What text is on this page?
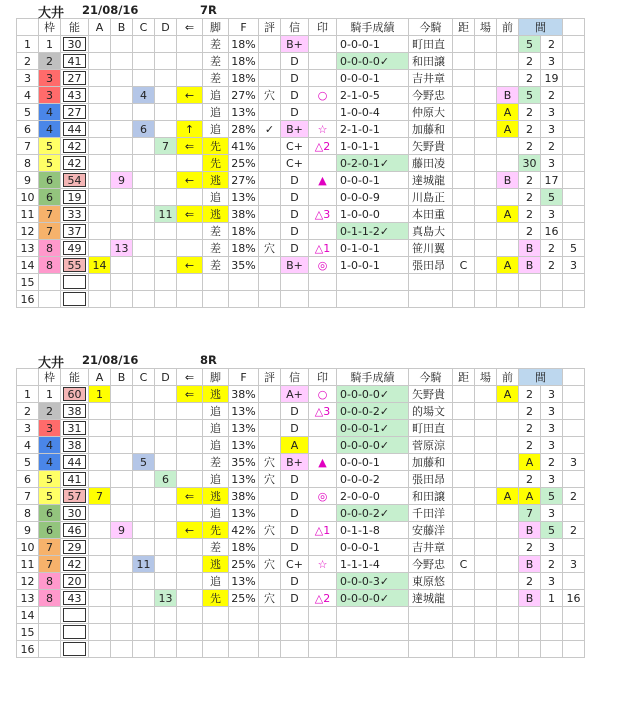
大井 21/08/16	7R
	枠	能	A	B	C	D	⇐	脚	F	評	信	印	騎手成績	今騎	距	場	前	間		
1	1	30						差	18%		B+		0-0-0-1	町田直				5	2	
2	2	41						差	18%		D		0-0-0-0✓	和田譲				2	3	
3	3	27						差	18%		D		0-0-0-1	吉井章				2	19	
4	3	43			4		←	追	27%	穴	D	○	2-1-0-5	今野忠			B	5	2	
5	4	27						追	13%		D		1-0-0-4	仲原大			A	2	3	
6	4	44			6		↑	追	28%	✓	B+	☆	2-1-0-1	加藤和			A	2	3	
7	5	42				7	⇐	先	41%		C+	△2	1-0-1-1	矢野貴				2	2	
8	5	42						先	25%		C+		0-2-0-1✓	藤田凌				30	3	
9	6	54		9			←	逃	27%		D	▲	0-0-0-1	達城龍			B	2	17	
10	6	19						追	13%		D		0-0-0-9	川島正				2	5	
11	7	33				11	⇐	逃	38%		D	△3	1-0-0-0	本田重			A	2	3	
12	7	37						差	18%		D		0-1-1-2✓	真島大				2	16	
13	8	49		13				差	18%	穴	D	△1	0-1-0-1	笹川翼				B	2	5
14	8	55	14				←	差	35%		B+	◎	1-0-0-1	張田昂	C		A	B	2	3
15		

16		

大井 21/08/16	8R
	枠	能	A	B	C	D	⇐	脚	F	評	信	印	騎手成績	今騎	距	場	前	間		
1	1	60	1				⇐	逃	38%		A+	○	0-0-0-0✓	矢野貴			A	2	3	
2	2	38						追	13%		D	△3	0-0-0-2✓	的場文				2	3	
3	3	31						追	13%		D		0-0-0-1✓	町田直				2	3	
4	4	38						追	13%		A		0-0-0-0✓	菅原涼				2	3	
5	4	44			5			差	35%	穴	B+	▲	0-0-0-1	加藤和				A	2	3
6	5	41				6		追	13%	穴	D		0-0-0-2	張田昂				2	3	
7	5	57	7				⇐	逃	38%		D	◎	2-0-0-0	和田譲			A	A	5	2
8	6	30						追	13%		D		0-0-0-2✓	千田洋				7	3	
9	6	46		9			←	先	42%	穴	D	△1	0-1-1-8	安藤洋				B	5	2
10	7	29						差	18%		D		0-0-0-1	吉井章				2	3	
11	7	42			11			逃	25%	穴	C+	☆	1-1-1-4	今野忠	C			B	2	3
12	8	20						追	13%		D		0-0-0-3✓	東原悠				2	3	
13	8	43				13		先	25%	穴	D	△2	0-0-0-0✓	達城龍				B	1	16
14		

15		

16		
